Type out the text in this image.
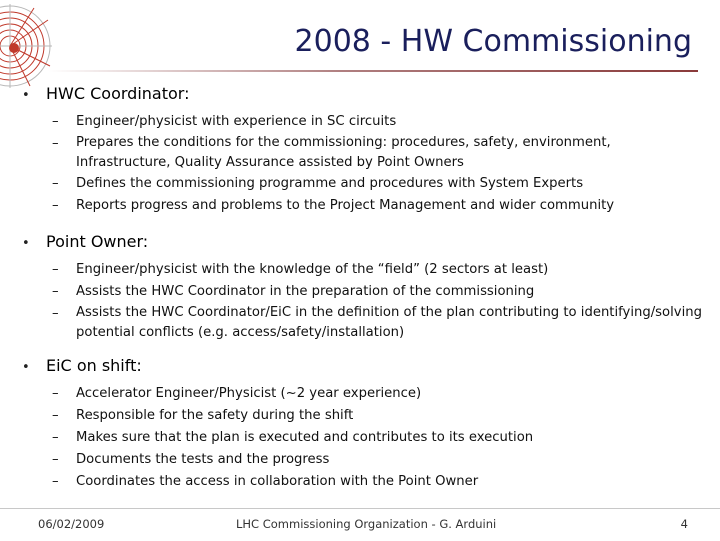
2008 - HW Commissioning
•	HWC Coordinator:
–	Engineer/physicist with experience in SC circuits
–	Prepares the conditions for the commissioning: procedures, safety, environment, Infrastructure, Quality Assurance assisted by Point Owners
–	Defines the commissioning programme and procedures with System Experts
–	Reports progress and problems to the Project Management and wider community
•	Point Owner:
–	Engineer/physicist with the knowledge of the “field” (2 sectors at least)
–	Assists the HWC Coordinator in the preparation of the commissioning
–	Assists the HWC Coordinator/EiC in the definition of the plan contributing to identifying/solving potential conflicts (e.g. access/safety/installation)
•	EiC on shift:
–	Accelerator Engineer/Physicist (~2 year experience)
–	Responsible for the safety during the shift
–	Makes sure that the plan is executed and contributes to its execution
–	Documents the tests and the progress
–	Coordinates the access in collaboration with the Point Owner
06/02/2009	LHC Commissioning Organization - G. Arduini	4
